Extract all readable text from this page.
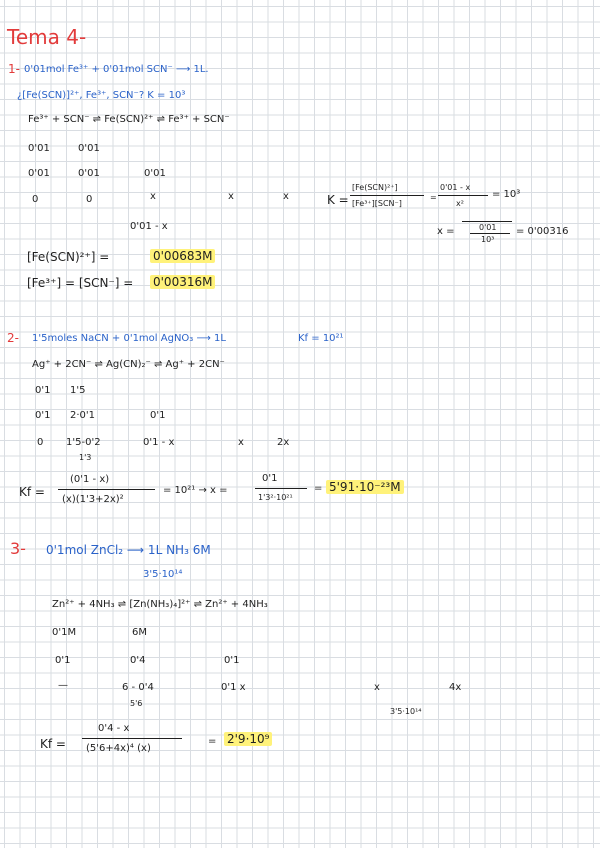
Tema 4-
1- 0'01mol Fe³⁺ + 0'01mol SCN⁻ ⟶ 1L.
¿[Fe(SCN)]²⁺, Fe³⁺, SCN⁻? K = 10³
Fe³⁺ + SCN⁻ ⇌ Fe(SCN)²⁺ ⇌ Fe³⁺ + SCN⁻
0'01	0'01
0'01	0'01	0'01
0	0	x	x	x
0'01 - x
K =
[Fe(SCN)²⁺]
[Fe³⁺][SCN⁻]
=
0'01 - x
x²
= 10³
x =	0'01
10³
= 0'00316
[Fe(SCN)²⁺] =	0'00683M
[Fe³⁺] = [SCN⁻] = 0'00316M
2- 1'5moles NaCN + 0'1mol AgNO₃ ⟶ 1L	Kf = 10²¹
Ag⁺ + 2CN⁻ ⇌ Ag(CN)₂⁻ ⇌ Ag⁺ + 2CN⁻
0'1 1'5
0'1 2·0'1	0'1
0 1'5-0'2	0'1 - x	x	2x
1'3
Kf =
(0'1 - x)
(x)(1'3+2x)²
= 10²¹ → x =
0'1
1'3²·10²¹
= 5'91·10⁻²³M
3- 0'1mol ZnCl₂ ⟶ 1L NH₃ 6M
3'5·10¹⁴
Zn²⁺ + 4NH₃ ⇌ [Zn(NH₃)₄]²⁺ ⇌ Zn²⁺ + 4NH₃
0'1M	6M
0'1	0'4	0'1
—	6 - 0'4	0'1 x	x	4x
5'6
3'5·10¹⁴
Kf =
0'4 - x
(5'6+4x)⁴ (x)
= 2'9·10⁹
